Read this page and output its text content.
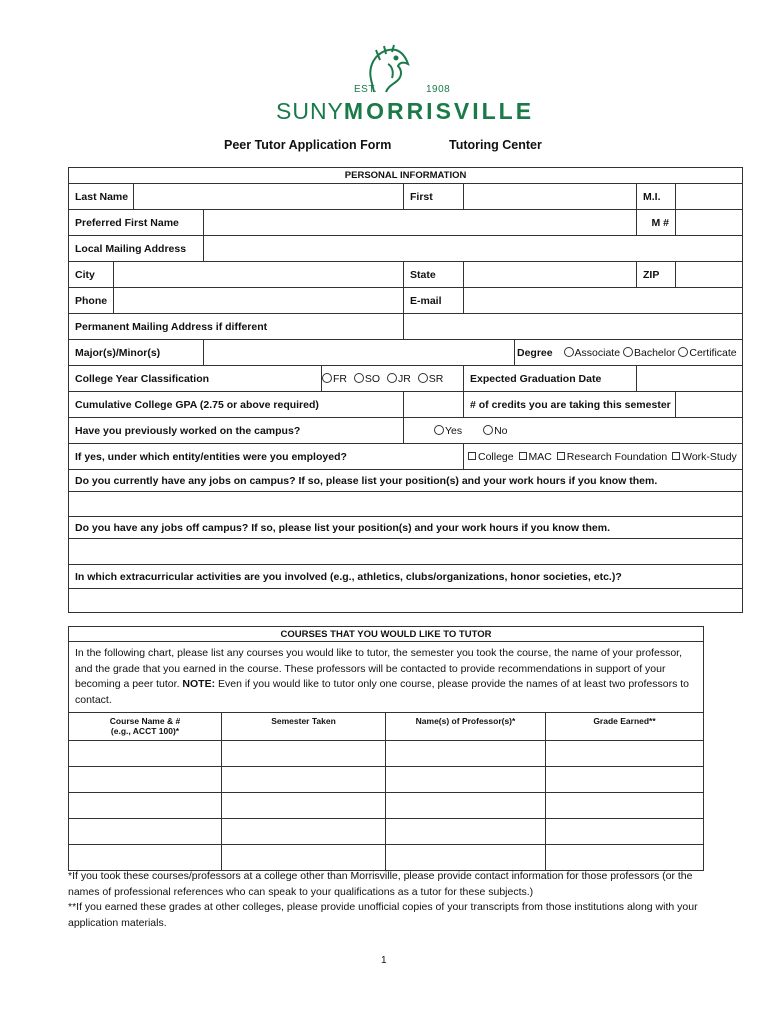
EST.	1908
SUNYMORRISVILLE
Peer Tutor Application Form	Tutoring Center
PERSONAL INFORMATION									
Last Name					First			M.I.	
Preferred First Name								M #	
Local Mailing Address									
City					State			ZIP	
Phone					E-mail				
Permanent Mailing Address if different									
Major(s)/Minor(s)							Degree Associate Bachelor Certificate		
College Year Classification				FR SO JR SR		Expected Graduation Date			
Cumulative College GPA (2.75 or above required)						# of credits you are taking this semester			
Have you previously worked on the campus?					Yes No				
If yes, under which entity/entities were you employed?						College MAC Research Foundation Work-Study			
Do you currently have any jobs on campus? If so, please list your position(s) and your work hours if you know them.									

Do you have any jobs off campus? If so, please list your position(s) and your work hours if you know them.									

In which extracurricular activities are you involved (e.g., athletics, clubs/organizations, honor societies, etc.)?									

COURSES THAT YOU WOULD LIKE TO TUTOR			
In the following chart, please list any courses you would like to tutor, the semester you took the course, the name of your professor, and the grade that you earned in the course. These professors will be contacted to provide recommendations in support of your becoming a peer tutor. NOTE: Even if you would like to tutor only one course, please provide the names of at least two professors to contact.			

Course Name & #
(e.g., ACCT 100)*	Semester Taken	Name(s) of Professor(s)*	Grade Earned**

*If you took these courses/professors at a college other than Morrisville, please provide contact information for those professors (or the names of professional references who can speak to your qualifications as a tutor for these subjects.)
**If you earned these grades at other colleges, please provide unofficial copies of your transcripts from those institutions along with your application materials.
1
